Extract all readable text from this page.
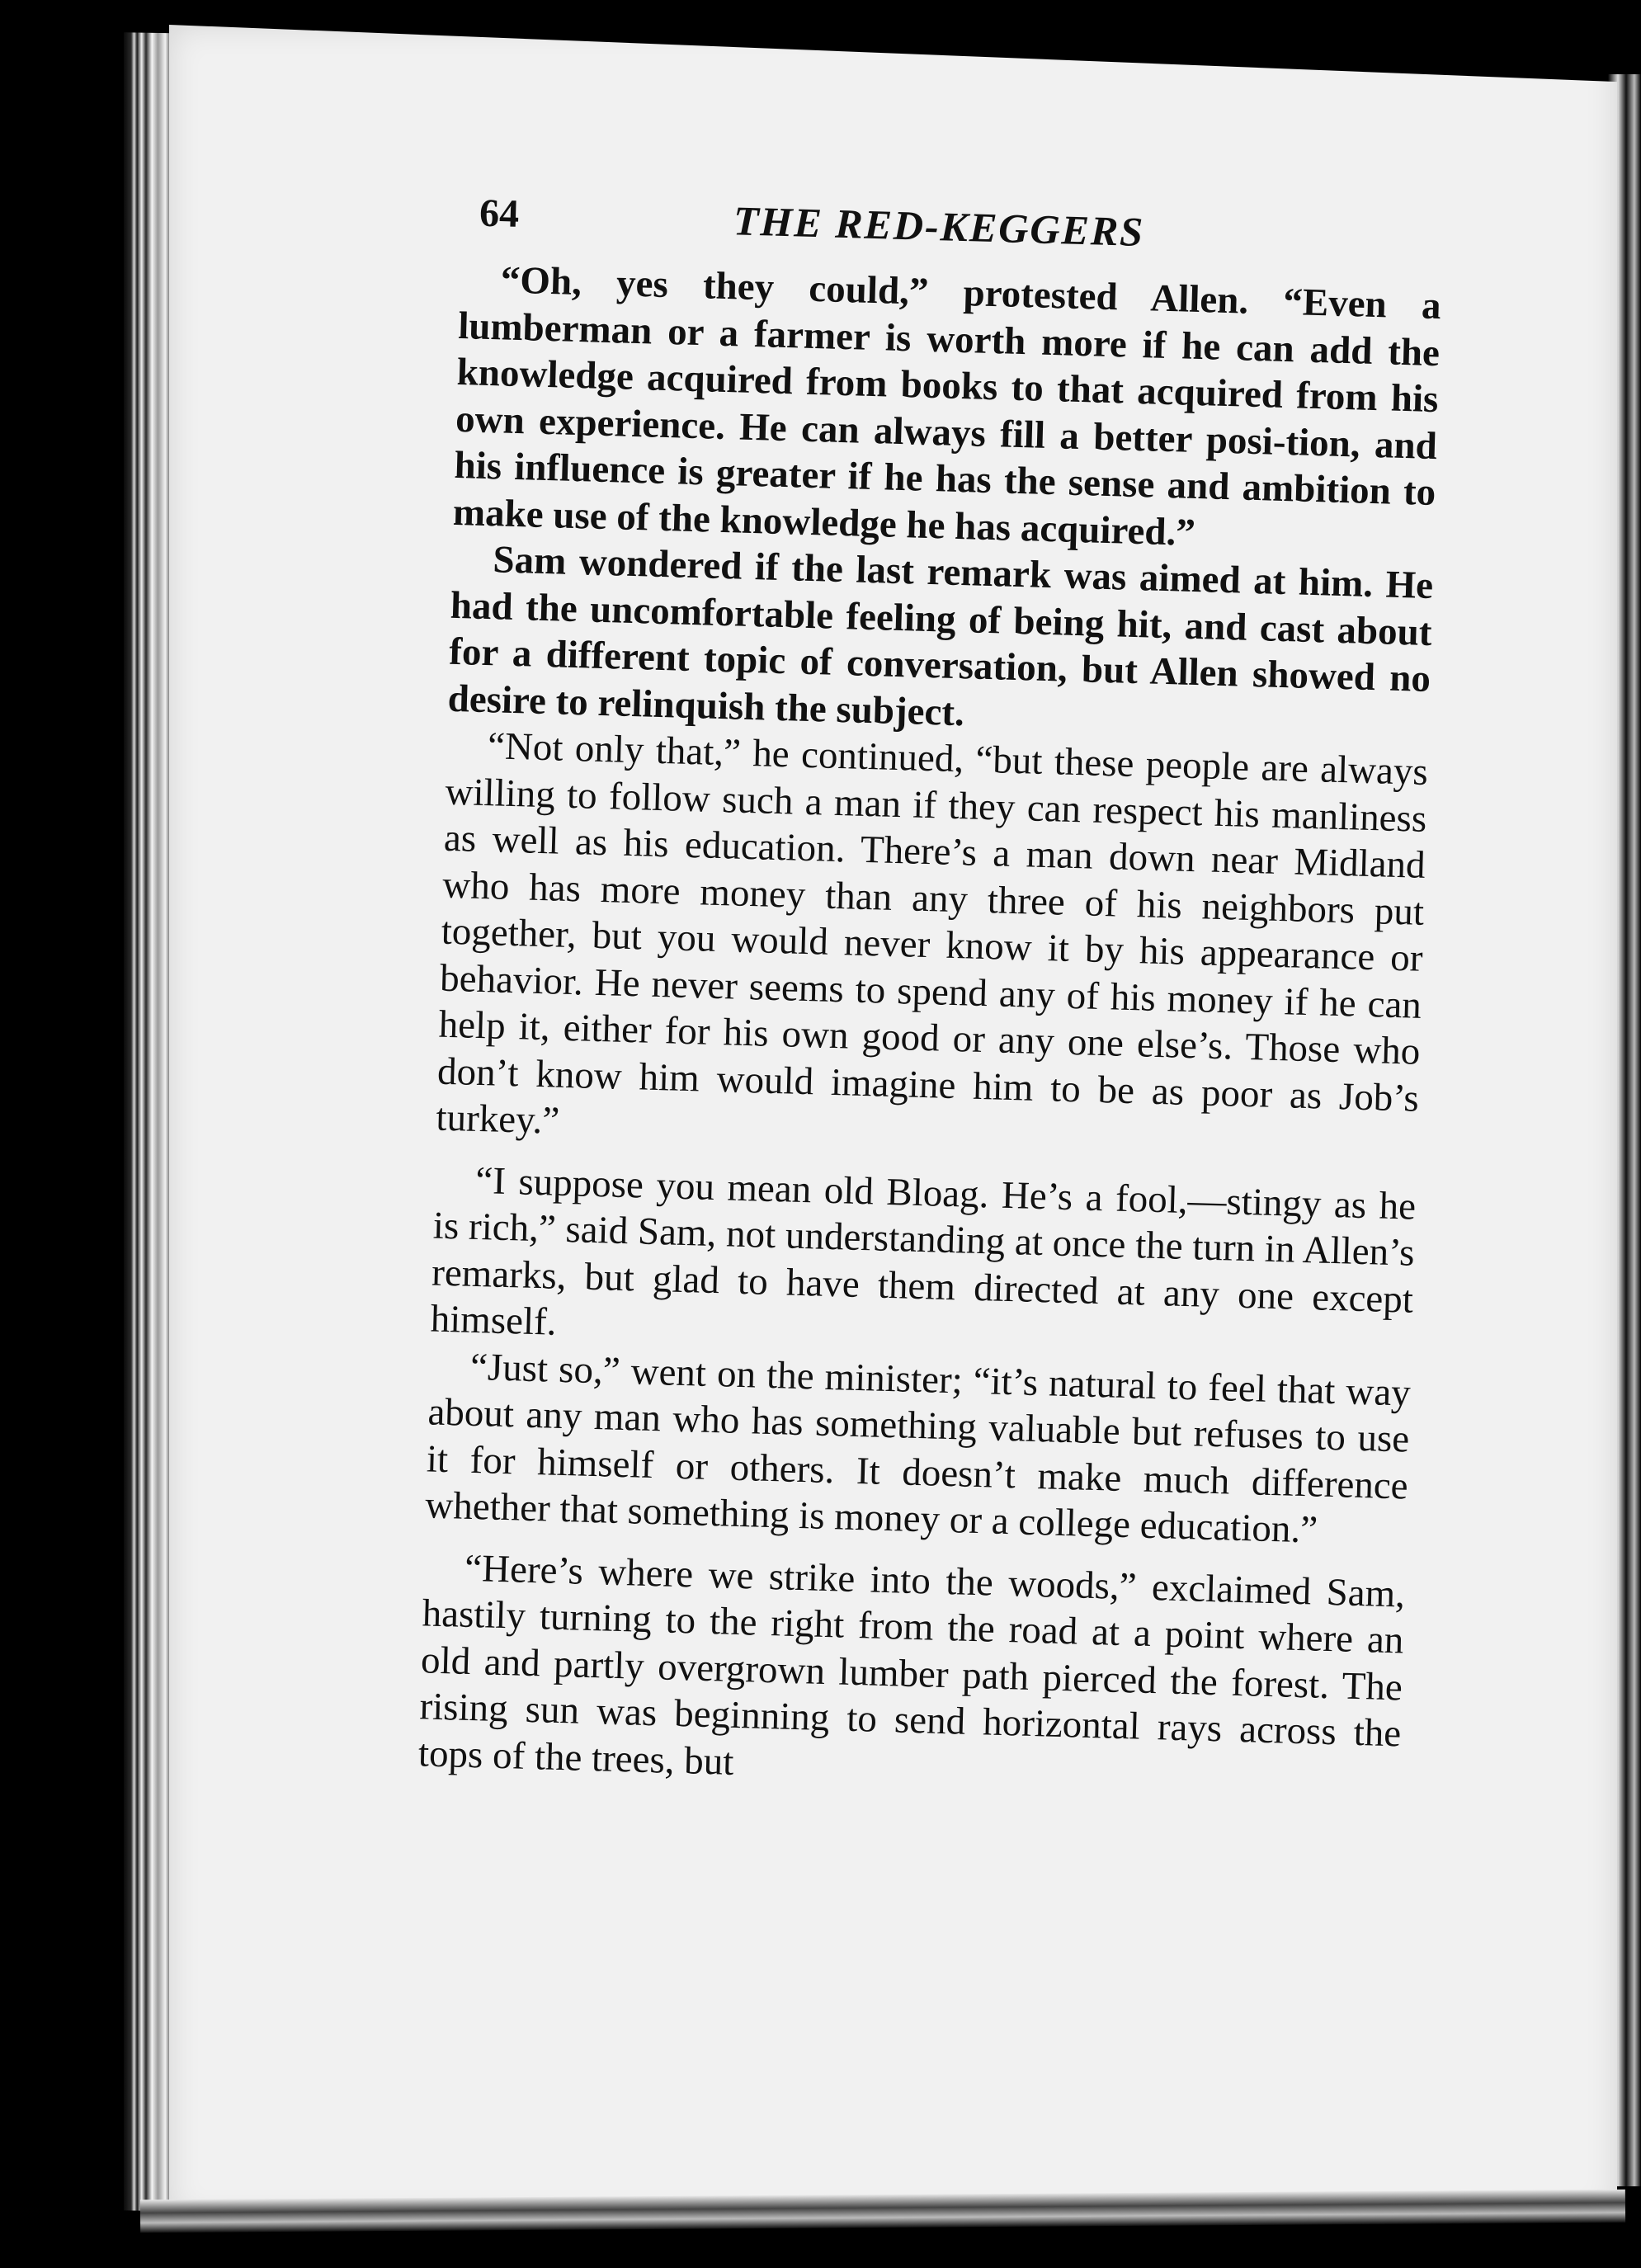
64	THE RED-KEGGERS

“Oh, yes they could,” protested Allen. “Even a lumberman or a farmer is worth more if he can add the knowledge acquired from books to that acquired from his own experience. He can always fill a better posi-tion, and his influence is greater if he has the sense and ambition to make use of the knowledge he has acquired.”

Sam wondered if the last remark was aimed at him. He had the uncomfortable feeling of being hit, and cast about for a different topic of conversation, but Allen showed no desire to relinquish the subject.

“Not only that,” he continued, “but these people are always willing to follow such a man if they can respect his manliness as well as his education. There’s a man down near Midland who has more money than any three of his neighbors put together, but you would never know it by his appearance or behavior. He never seems to spend any of his money if he can help it, either for his own good or any one else’s. Those who don’t know him would imagine him to be as poor as Job’s turkey.”

“I suppose you mean old Bloag. He’s a fool,—stingy as he is rich,” said Sam, not understanding at once the turn in Allen’s remarks, but glad to have them directed at any one except himself.

“Just so,” went on the minister; “it’s natural to feel that way about any man who has something valuable but refuses to use it for himself or others. It doesn’t make much difference whether that something is money or a college education.”

“Here’s where we strike into the woods,” exclaimed Sam, hastily turning to the right from the road at a point where an old and partly overgrown lumber path pierced the forest. The rising sun was beginning to send horizontal rays across the tops of the trees, but
